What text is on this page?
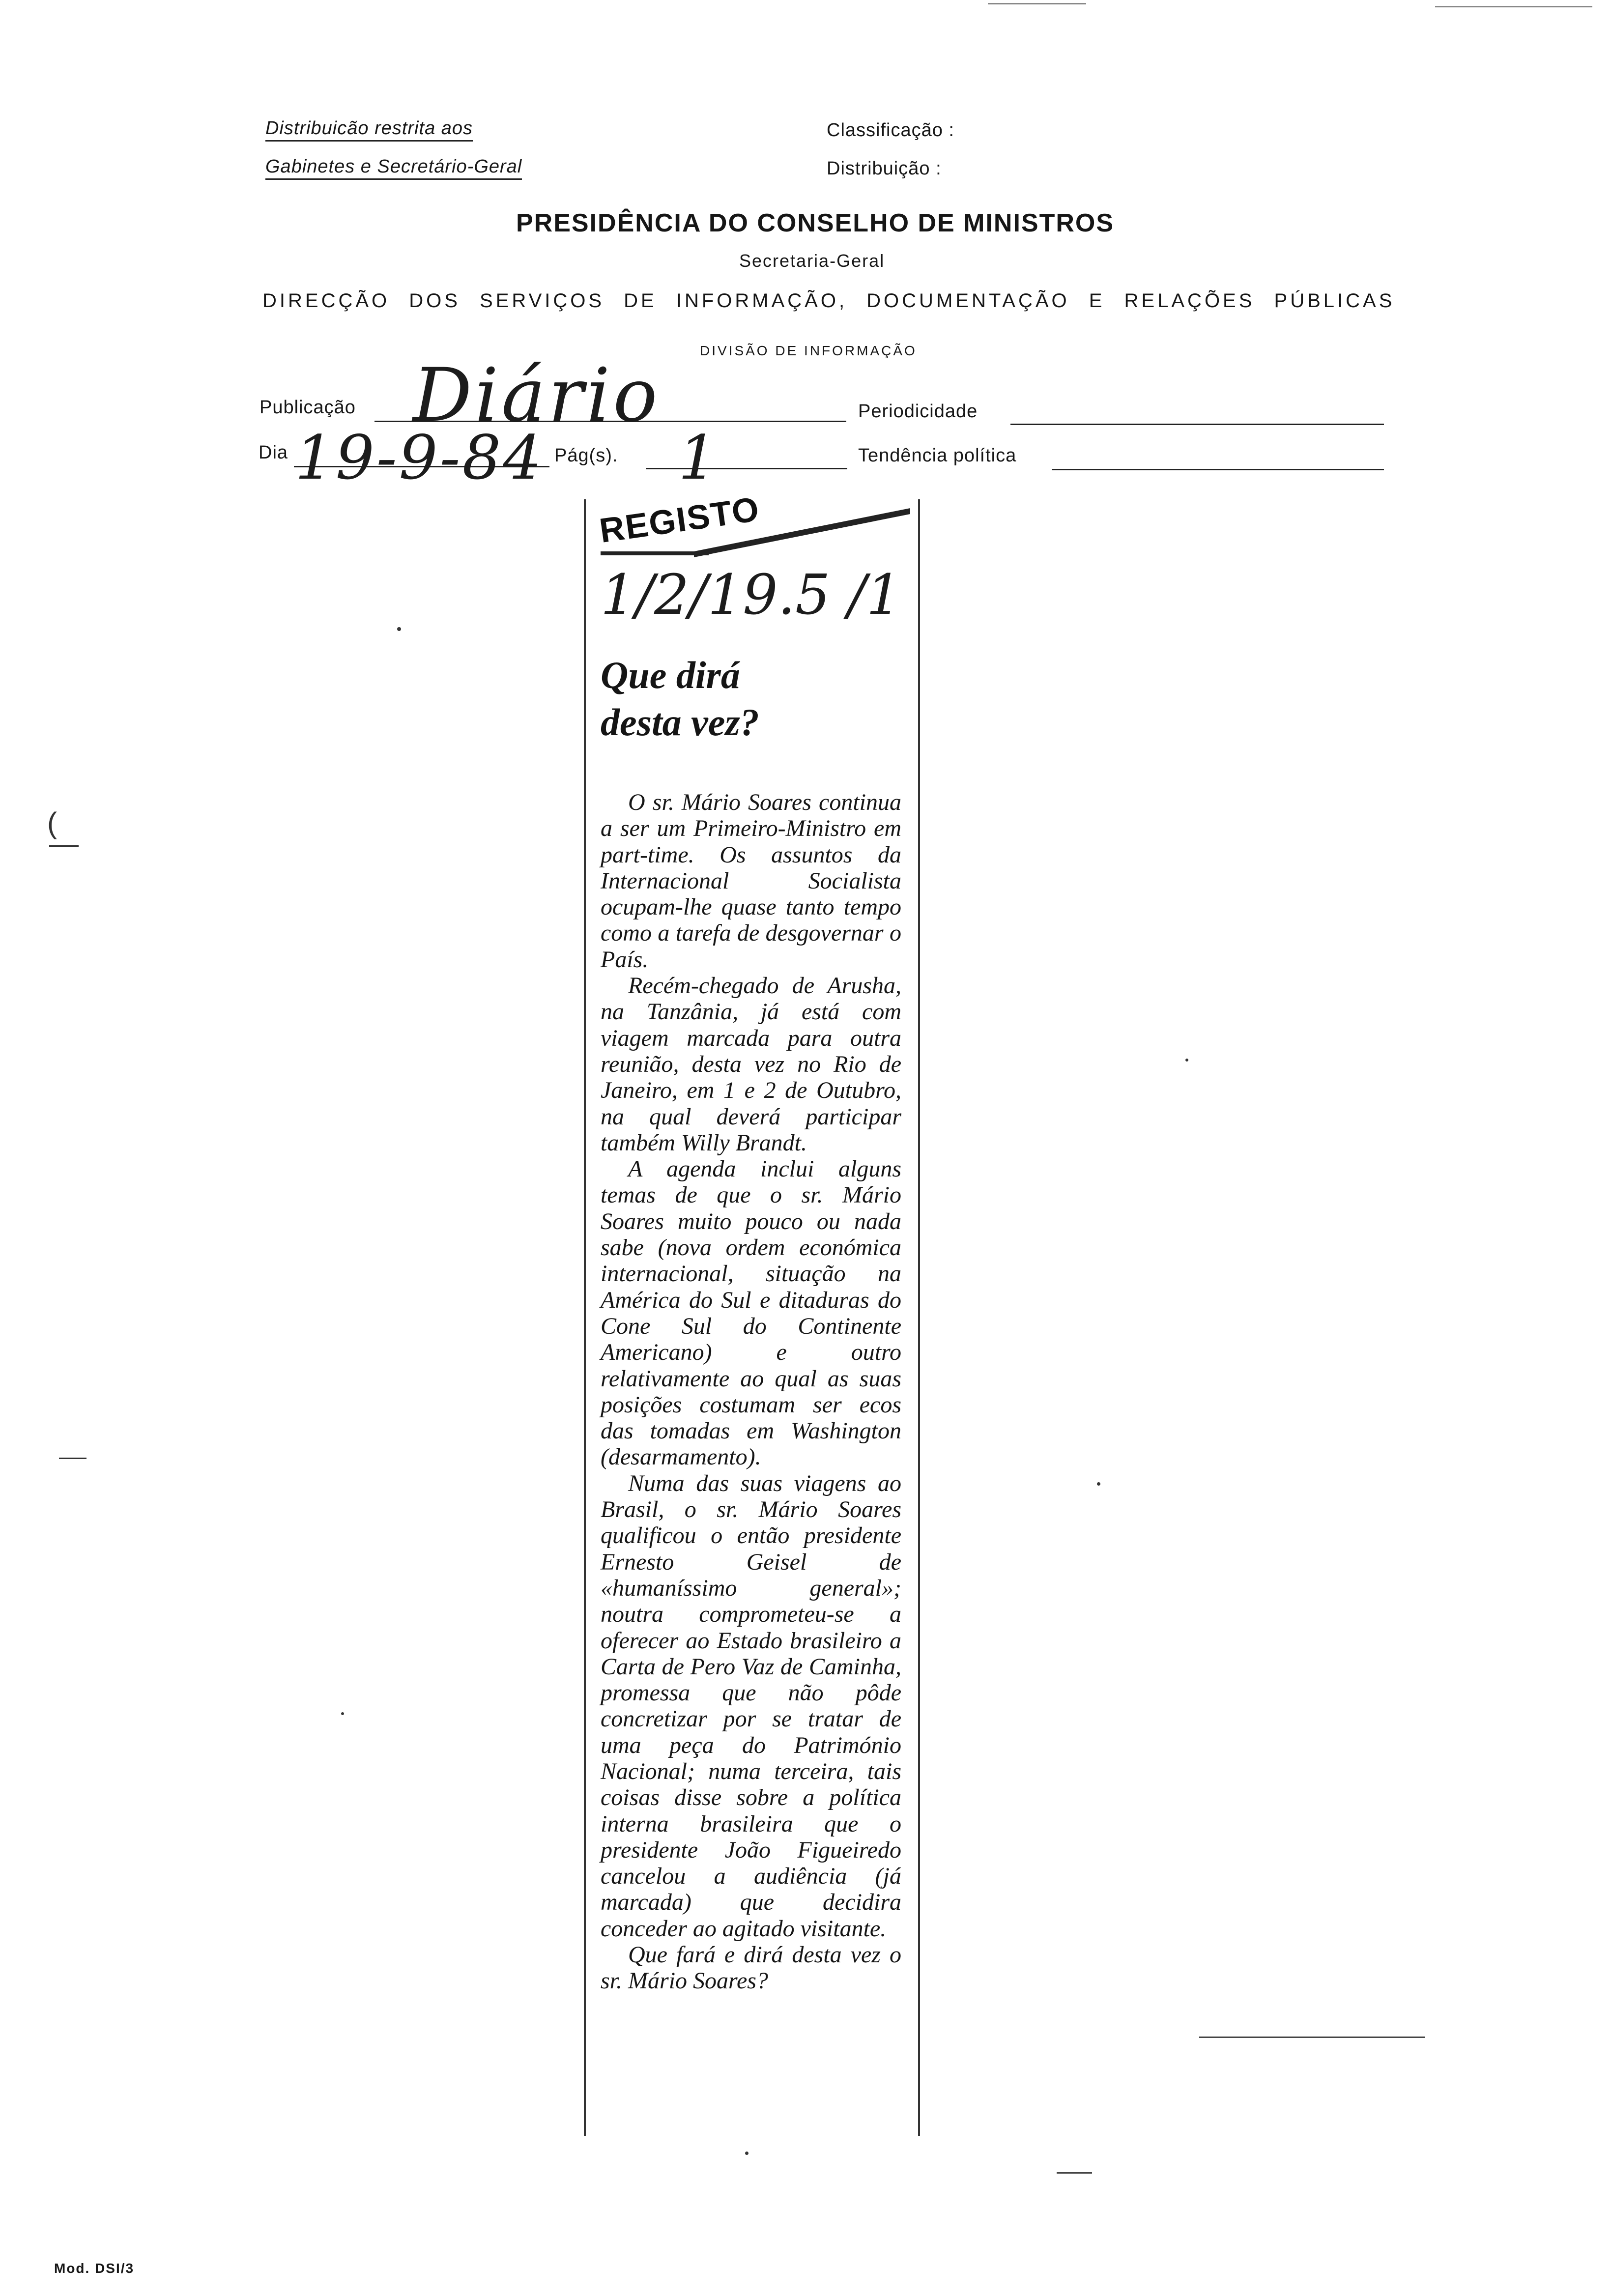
Distribuicão restrita aos
Gabinetes e Secretário-Geral
Classificação :
Distribuição :
PRESIDÊNCIA DO CONSELHO DE MINISTROS
Secretaria-Geral
DIRECÇÃO DOS SERVIÇOS DE INFORMAÇÃO, DOCUMENTAÇÃO E RELAÇÕES PÚBLICAS
DIVISÃO DE INFORMAÇÃO
Publicação Diário	Periodicidade
Dia 19-9-84 Pág(s). 1	Tendência política
REGISTO
1/2/19.5 /1
Que dirá
desta vez?

O sr. Mário Soares continua a ser um Primeiro-Ministro em part-time. Os assuntos da Internacional Socialista ocupam-lhe quase tanto tempo como a tarefa de desgovernar o País.

Recém-chegado de Arusha, na Tanzânia, já está com viagem marcada para outra reunião, desta vez no Rio de Janeiro, em 1 e 2 de Outubro, na qual deverá participar também Willy Brandt.

A agenda inclui alguns temas de que o sr. Mário Soares muito pouco ou nada sabe (nova ordem económica internacional, situação na América do Sul e ditaduras do Cone Sul do Continente Americano) e outro relativamente ao qual as suas posições costumam ser ecos das tomadas em Washington (desarmamento).

Numa das suas viagens ao Brasil, o sr. Mário Soares qualificou o então presidente Ernesto Geisel de «humaníssimo general»; noutra comprometeu-se a oferecer ao Estado brasileiro a Carta de Pero Vaz de Caminha, promessa que não pôde concretizar por se tratar de uma peça do Património Nacional; numa terceira, tais coisas disse sobre a política interna brasileira que o presidente João Figueiredo cancelou a audiência (já marcada) que decidira conceder ao agitado visitante.

Que fará e dirá desta vez o sr. Mário Soares?

(
Mod. DSI/3
